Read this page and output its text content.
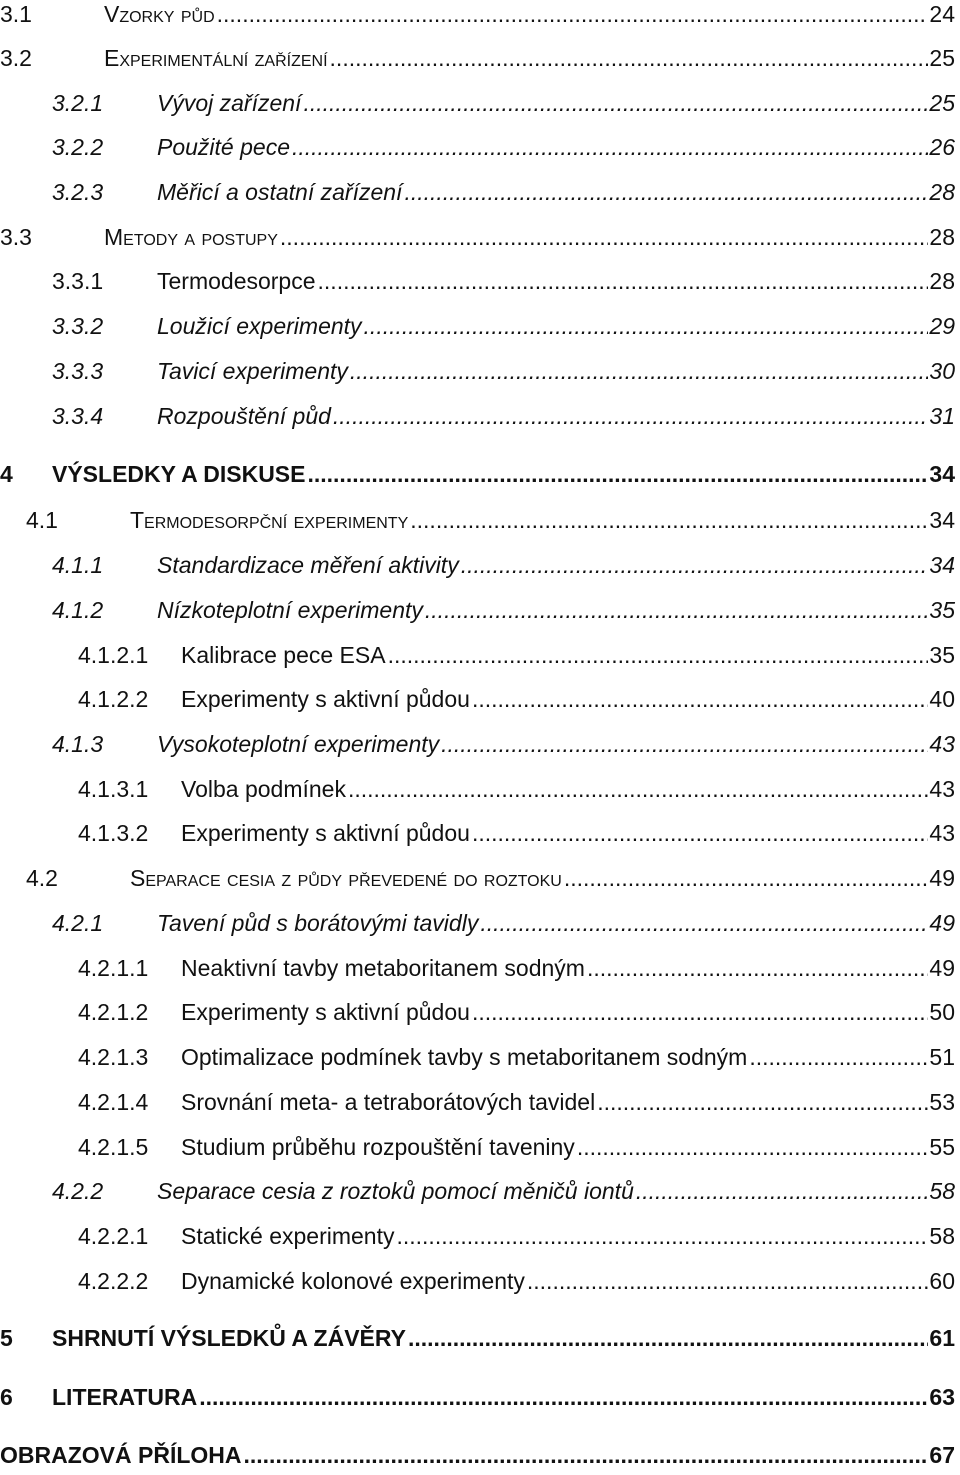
3.1	Vzorky půd .....	24
3.2	Experimentální zařízení .....	25
3.2.1	Vývoj zařízení .....	25
3.2.2	Použité pece .....	26
3.2.3	Měřicí a ostatní zařízení .....	28
3.3	Metody a postupy .....	28
3.3.1	Termodesorpce .....	28
3.3.2	Loužicí experimenty .....	29
3.3.3	Tavicí experimenty .....	30
3.3.4	Rozpouštění půd .....	31
4	VÝSLEDKY A DISKUSE .....	34
4.1	Termodesorpční experimenty .....	34
4.1.1	Standardizace měření aktivity .....	34
4.1.2	Nízkoteplotní experimenty .....	35
4.1.2.1	Kalibrace pece ESA .....	35
4.1.2.2	Experimenty s aktivní půdou .....	40
4.1.3	Vysokoteplotní experimenty .....	43
4.1.3.1	Volba podmínek .....	43
4.1.3.2	Experimenty s aktivní půdou .....	43
4.2	Separace cesia z půdy převedené do roztoku .....	49
4.2.1	Tavení půd s borátovými tavidly .....	49
4.2.1.1	Neaktivní tavby metaboritanem sodným .....	49
4.2.1.2	Experimenty s aktivní půdou .....	50
4.2.1.3	Optimalizace podmínek tavby s metaboritanem sodným .....	51
4.2.1.4	Srovnání meta- a tetraborátových tavidel .....	53
4.2.1.5	Studium průběhu rozpouštění taveniny .....	55
4.2.2	Separace cesia z roztoků pomocí měničů iontů .....	58
4.2.2.1	Statické experimenty .....	58
4.2.2.2	Dynamické kolonové experimenty .....	60
5	SHRNUTÍ VÝSLEDKŮ A ZÁVĚRY .....	61
6	LITERATURA .....	63
OBRAZOVÁ PŘÍLOHA .....	67
